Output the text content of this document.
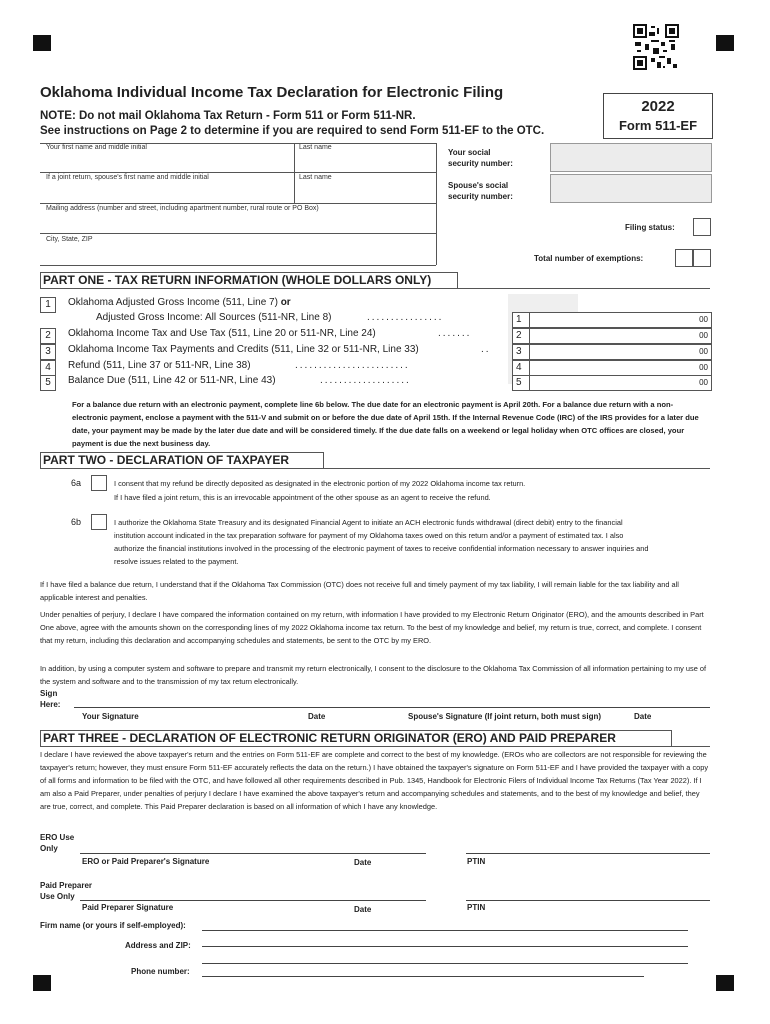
Oklahoma Individual Income Tax Declaration for Electronic Filing
NOTE: Do not mail Oklahoma Tax Return - Form 511 or Form 511-NR.
See instructions on Page 2 to determine if you are required to send Form 511-EF to the OTC.
2022
Form 511-EF
Your first name and middle initial	Last name
If a joint return, spouse's first name and middle initial	Last name
Mailing address (number and street, including apartment number, rural route or PO Box)
City, State, ZIP
Your social
security number:
Spouse's social
security number:
Filing status:
Total number of exemptions:
PART ONE - TAX RETURN INFORMATION (WHOLE DOLLARS ONLY)
1	Oklahoma Adjusted Gross Income (511, Line 7) or
Adjusted Gross Income: All Sources (511-NR, Line 8)	................	1	00
2	Oklahoma Income Tax and Use Tax (511, Line 20 or 511-NR, Line 24)	.......	2	00
3	Oklahoma Income Tax Payments and Credits (511, Line 32 or 511-NR, Line 33)	..	3	00
4	Refund (511, Line 37 or 511-NR, Line 38)	........................	4	00
5	Balance Due (511, Line 42 or 511-NR, Line 43)	...................	5	00
For a balance due return with an electronic payment, complete line 6b below. The due date for an electronic payment is April 20th. For a balance due return with a non-electronic payment, enclose a payment with the 511-V and submit on or before the due date of April 15th. If the Internal Revenue Code (IRC) of the IRS provides for a later due date, your payment may be made by the later due date and will be considered timely. If the due date falls on a weekend or legal holiday when OTC offices are closed, your payment is due the next business day.
PART TWO - DECLARATION OF TAXPAYER
6a	I consent that my refund be directly deposited as designated in the electronic portion of my 2022 Oklahoma income tax return.
If I have filed a joint return, this is an irrevocable appointment of the other spouse as an agent to receive the refund.
6b	I authorize the Oklahoma State Treasury and its designated Financial Agent to initiate an ACH electronic funds withdrawal (direct debit) entry to the financial institution account indicated in the tax preparation software for payment of my Oklahoma taxes owed on this return and/or a payment of estimated tax. I also authorize the financial institutions involved in the processing of the electronic payment of taxes to receive confidential information necessary to answer inquiries and resolve issues related to the payment.
If I have filed a balance due return, I understand that if the Oklahoma Tax Commission (OTC) does not receive full and timely payment of my tax liability, I will remain liable for the tax liability and all applicable interest and penalties.
Under penalties of perjury, I declare I have compared the information contained on my return, with information I have provided to my Electronic Return Originator (ERO), and the amounts described in Part One above, agree with the amounts shown on the corresponding lines of my 2022 Oklahoma income tax return. To the best of my knowledge and belief, my return is true, correct, and complete. I consent that my return, including this declaration and accompanying schedules and statements, be sent to the OTC by my ERO.
In addition, by using a computer system and software to prepare and transmit my return electronically, I consent to the disclosure to the Oklahoma Tax Commission of all information pertaining to my use of the system and software and to the transmission of my tax return electronically.
Sign
Here:
Your Signature	Date	Spouse's Signature (If joint return, both must sign)	Date
PART THREE - DECLARATION OF ELECTRONIC RETURN ORIGINATOR (ERO) AND PAID PREPARER
I declare I have reviewed the above taxpayer's return and the entries on Form 511-EF are complete and correct to the best of my knowledge. (EROs who are collectors are not responsible for reviewing the taxpayer's return; however, they must ensure Form 511-EF accurately reflects the data on the return.) I have obtained the taxpayer's signature on Form 511-EF and I have provided the taxpayer with a copy of all forms and information to be filed with the OTC, and have followed all other requirements described in Pub. 1345, Handbook for Electronic Filers of Individual Income Tax Returns (Tax Year 2022). If I am also a Paid Preparer, under penalties of perjury I declare I have examined the above taxpayer's return and accompanying schedules and statements, and to the best of my knowledge and belief, they are true, correct, and complete. This Paid Preparer declaration is based on all information of which I have any knowledge.
ERO Use
Only
ERO or Paid Preparer's Signature	Date	PTIN
Paid Preparer
Use Only
Paid Preparer Signature	Date	PTIN
Firm name (or yours if self-employed):
Address and ZIP:
Phone number:
